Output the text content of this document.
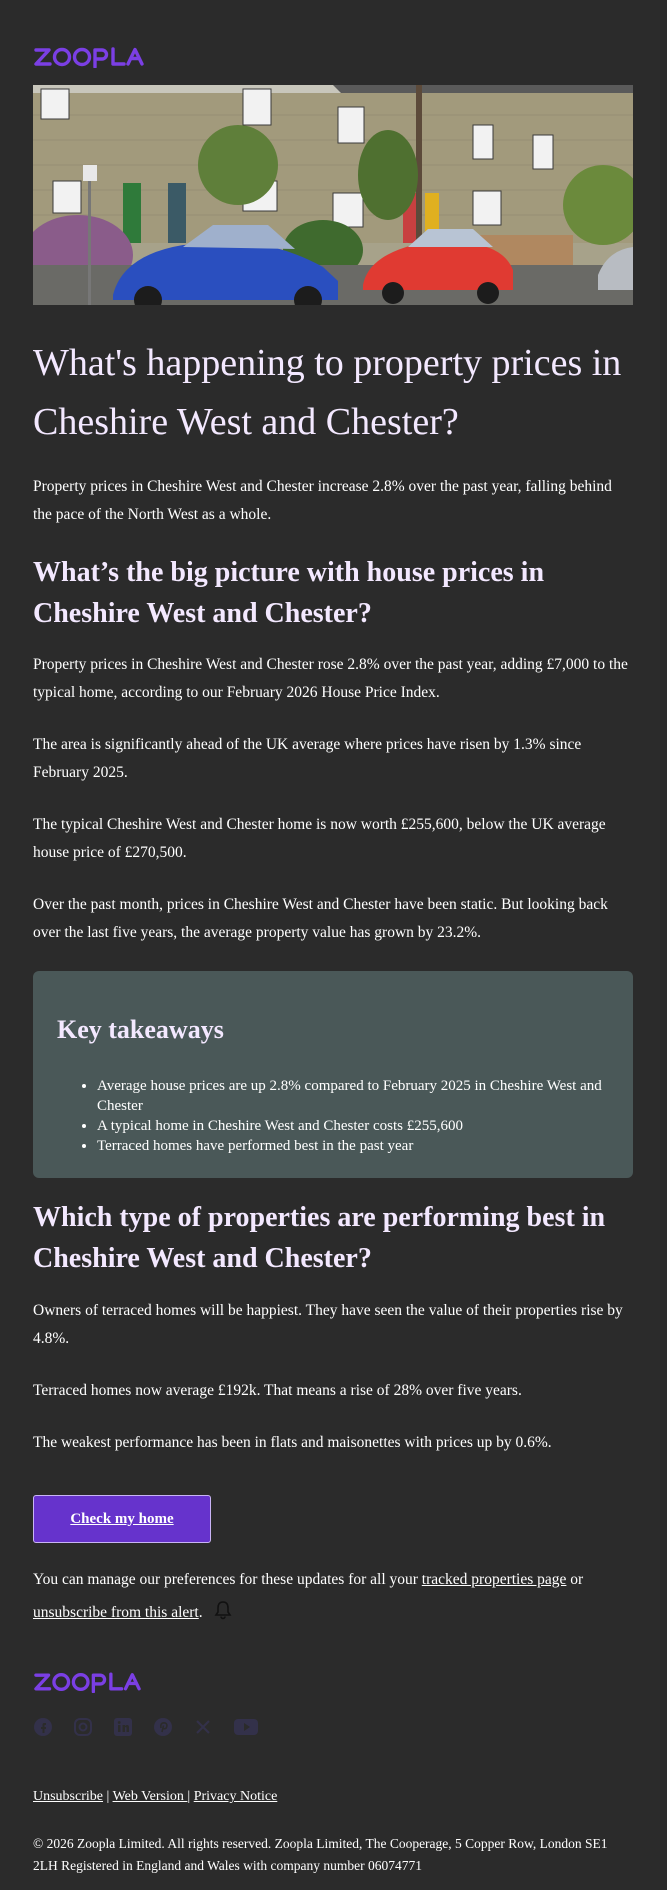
What's happening to property prices in Cheshire West and Chester?

Property prices in Cheshire West and Chester increase 2.8% over the past year, falling behind the pace of the North West as a whole.

What’s the big picture with house prices in Cheshire West and Chester?

Property prices in Cheshire West and Chester rose 2.8% over the past year, adding £7,000 to the typical home, according to our February 2026 House Price Index.

The area is significantly ahead of the UK average where prices have risen by 1.3% since February 2025.

The typical Cheshire West and Chester home is now worth £255,600, below the UK average house price of £270,500.

Over the past month, prices in Cheshire West and Chester have been static. But looking back over the last five years, the average property value has grown by 23.2%.

Key takeaways
• Average house prices are up 2.8% compared to February 2025 in Cheshire West and Chester
• A typical home in Cheshire West and Chester costs £255,600
• Terraced homes have performed best in the past year
Which type of properties are performing best in Cheshire West and Chester?

Owners of terraced homes will be happiest. They have seen the value of their properties rise by 4.8%.

Terraced homes now average £192k. That means a rise of 28% over five years.

The weakest performance has been in flats and maisonettes with prices up by 0.6%.

Check my home
You can manage our preferences for these updates for all your tracked properties page or unsubscribe from this alert.
Unsubscribe | Web Version | Privacy Notice
© 2026 Zoopla Limited. All rights reserved. Zoopla Limited, The Cooperage, 5 Copper Row, London SE1 2LH Registered in England and Wales with company number 06074771
